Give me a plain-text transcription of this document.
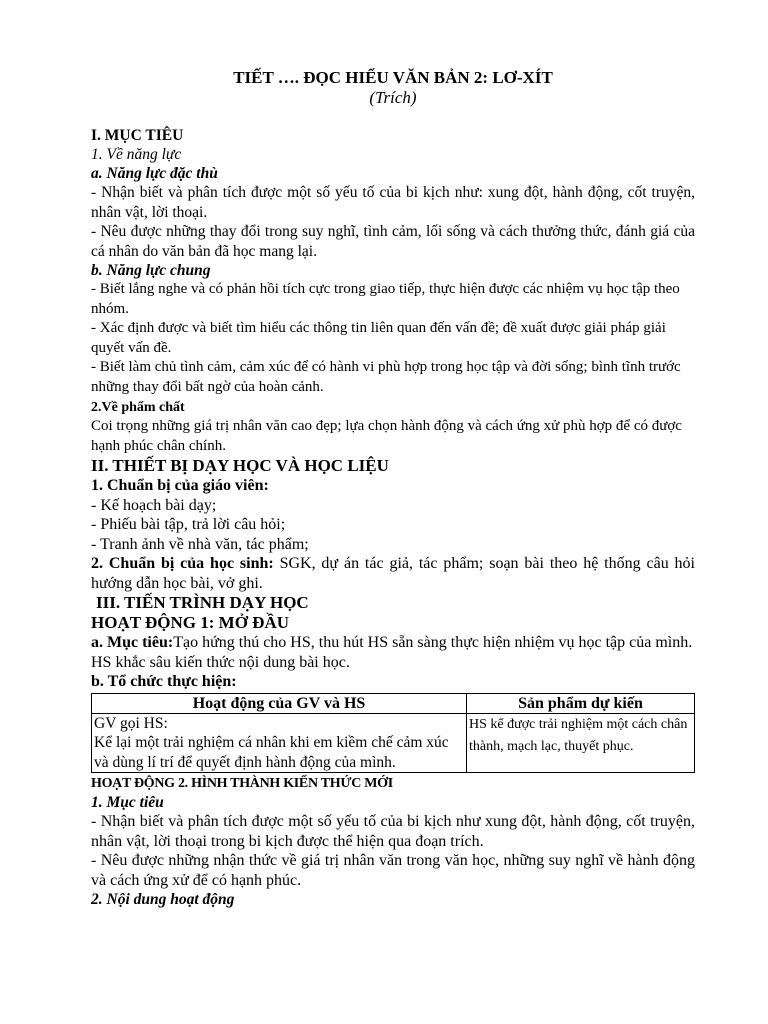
TIẾT …. ĐỌC HIỂU VĂN BẢN 2: LƠ-XÍT
(Trích)
I. MỤC TIÊU
1. Về năng lực
a. Năng lực đặc thù
- Nhận biết và phân tích được một số yếu tố của bi kịch như: xung đột, hành động, cốt truyện, nhân vật, lời thoại.
- Nêu được những thay đổi trong suy nghĩ, tình cảm, lối sống và cách thưởng thức, đánh giá của cá nhân do văn bản đã học mang lại.
b. Năng lực chung
- Biết lắng nghe và có phản hồi tích cực trong giao tiếp, thực hiện được các nhiệm vụ học tập theo nhóm.
- Xác định được và biết tìm hiểu các thông tin liên quan đến vấn đề; đề xuất được giải pháp giải quyết vấn đề.
- Biết làm chủ tình cảm, cảm xúc để có hành vi phù hợp trong học tập và đời sống; bình tĩnh trước những thay đổi bất ngờ của hoàn cảnh.
2.Về phẩm chất
Coi trọng những giá trị nhân văn cao đẹp; lựa chọn hành động và cách ứng xử phù hợp để có được hạnh phúc chân chính.
II. THIẾT BỊ DẠY HỌC VÀ HỌC LIỆU
1. Chuẩn bị của giáo viên:
- Kế hoạch bài dạy;
- Phiếu bài tập, trả lời câu hỏi;
- Tranh ảnh về nhà văn, tác phẩm;
2. Chuẩn bị của học sinh: SGK, dự án tác giả, tác phẩm; soạn bài theo hệ thống câu hỏi hướng dẫn học bài, vở ghi.
III. TIẾN TRÌNH DẠY HỌC
HOẠT ĐỘNG 1: MỞ ĐẦU
a. Mục tiêu:Tạo hứng thú cho HS, thu hút HS sẵn sàng thực hiện nhiệm vụ học tập của mình. HS khắc sâu kiến thức nội dung bài học.
b. Tổ chức thực hiện:
Hoạt động của GV và HS	Sản phẩm dự kiến

GV gọi HS:
Kể lại một trải nghiệm cá nhân khi em kiềm chế cảm xúc và dùng lí trí để quyết định hành động của mình.	HS kể được trải nghiệm một cách chân thành, mạch lạc, thuyết phục.
HOẠT ĐỘNG 2. HÌNH THÀNH KIẾN THỨC MỚI
1. Mục tiêu
- Nhận biết và phân tích được một số yếu tố của bi kịch như xung đột, hành động, cốt truyện, nhân vật, lời thoại trong bi kịch được thể hiện qua đoạn trích.
- Nêu được những nhận thức về giá trị nhân văn trong văn học, những suy nghĩ về hành động và cách ứng xử để có hạnh phúc.
2. Nội dung hoạt động
